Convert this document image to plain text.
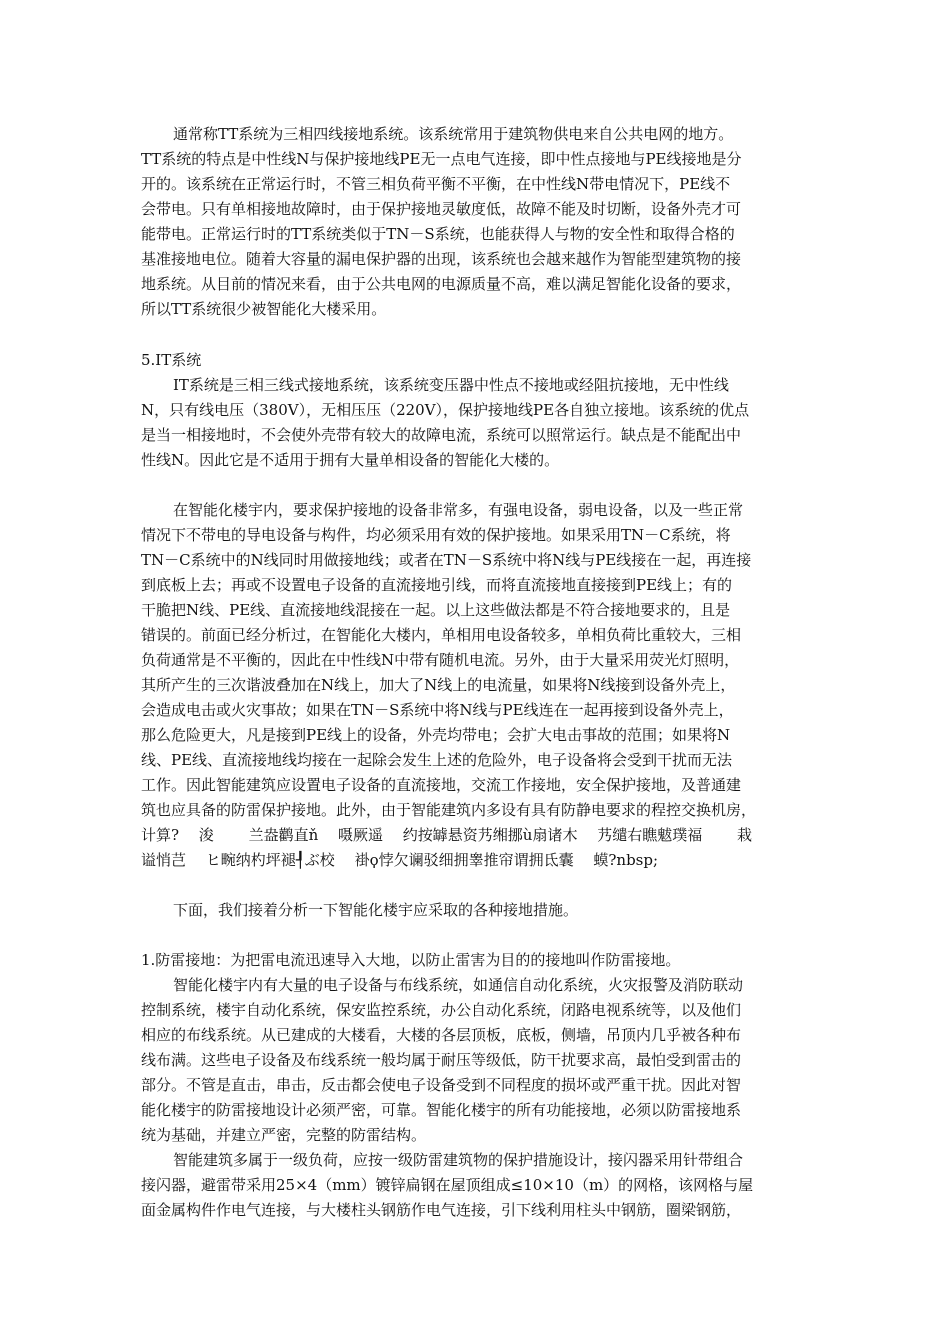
通常称TT系统为三相四线接地系统。该系统常用于建筑物供电来自公共电网的地方。
TT系统的特点是中性线N与保护接地线PE无一点电气连接，即中性点接地与PE线接地是分
开的。该系统在正常运行时，不管三相负荷平衡不平衡，在中性线N带电情况下，PE线不
会带电。只有单相接地故障时，由于保护接地灵敏度低，故障不能及时切断，设备外壳才可
能带电。正常运行时的TT系统类似于TN－S系统，也能获得人与物的安全性和取得合格的
基准接地电位。随着大容量的漏电保护器的出现，该系统也会越来越作为智能型建筑物的接
地系统。从目前的情况来看，由于公共电网的电源质量不高，难以满足智能化设备的要求，
所以TT系统很少被智能化大楼采用。
5.IT系统
IT系统是三相三线式接地系统，该系统变压器中性点不接地或经阻抗接地，无中性线
N，只有线电压（380V），无相压压（220V），保护接地线PE各自独立接地。该系统的优点
是当一相接地时，不会使外壳带有较大的故障电流，系统可以照常运行。缺点是不能配出中
性线N。因此它是不适用于拥有大量单相设备的智能化大楼的。
在智能化楼宇内，要求保护接地的设备非常多，有强电设备，弱电设备，以及一些正常
情况下不带电的导电设备与构件，均必须采用有效的保护接地。如果采用TN－C系统，将
TN－C系统中的N线同时用做接地线；或者在TN－S系统中将N线与PE线接在一起，再连接
到底板上去；再或不设置电子设备的直流接地引线，而将直流接地直接接到PE线上；有的
干脆把N线、PE线、直流接地线混接在一起。以上这些做法都是不符合接地要求的，且是
错误的。前面已经分析过，在智能化大楼内，单相用电设备较多，单相负荷比重较大，三相
负荷通常是不平衡的，因此在中性线N中带有随机电流。另外，由于大量采用荧光灯照明，
其所产生的三次谐波叠加在N线上，加大了N线上的电流量，如果将N线接到设备外壳上，
会造成电击或火灾事故；如果在TN－S系统中将N线与PE线连在一起再接到设备外壳上，
那么危险更大，凡是接到PE线上的设备，外壳均带电；会扩大电击事故的范围；如果将N
线、PE线、直流接地线均接在一起除会发生上述的危险外，电子设备将会受到干扰而无法
工作。因此智能建筑应设置电子设备的直流接地，交流工作接地，安全保护接地，及普通建
筑也应具备的防雷保护接地。此外，由于智能建筑内多设有具有防静电要求的程控交换机房，
计算?　 浚　　 兰盎鹳直ň　 嗫厥遥　 约按罅悬资艿缃挪ù扇诸木　 艿缱右瞧魃璞福　　 栽
谥悄芑　 ヒ畹纳杓坪褪┦ぶ校　 褂ϙ悖欠谰驳细拥睾推帘谓拥氐囊　 蟆?nbsp;
下面，我们接着分析一下智能化楼宇应采取的各种接地措施。
1.防雷接地：为把雷电流迅速导入大地，以防止雷害为目的的接地叫作防雷接地。
智能化楼宇内有大量的电子设备与布线系统，如通信自动化系统，火灾报警及消防联动
控制系统，楼宇自动化系统，保安监控系统，办公自动化系统，闭路电视系统等，以及他们
相应的布线系统。从已建成的大楼看，大楼的各层顶板，底板，侧墙，吊顶内几乎被各种布
线布满。这些电子设备及布线系统一般均属于耐压等级低，防干扰要求高，最怕受到雷击的
部分。不管是直击，串击，反击都会使电子设备受到不同程度的损坏或严重干扰。因此对智
能化楼宇的防雷接地设计必须严密，可靠。智能化楼宇的所有功能接地，必须以防雷接地系
统为基础，并建立严密，完整的防雷结构。
智能建筑多属于一级负荷，应按一级防雷建筑物的保护措施设计，接闪器采用针带组合
接闪器，避雷带采用25×4（mm）镀锌扁钢在屋顶组成≤10×10（m）的网格，该网格与屋
面金属构件作电气连接，与大楼柱头钢筋作电气连接，引下线利用柱头中钢筋，圈梁钢筋，
